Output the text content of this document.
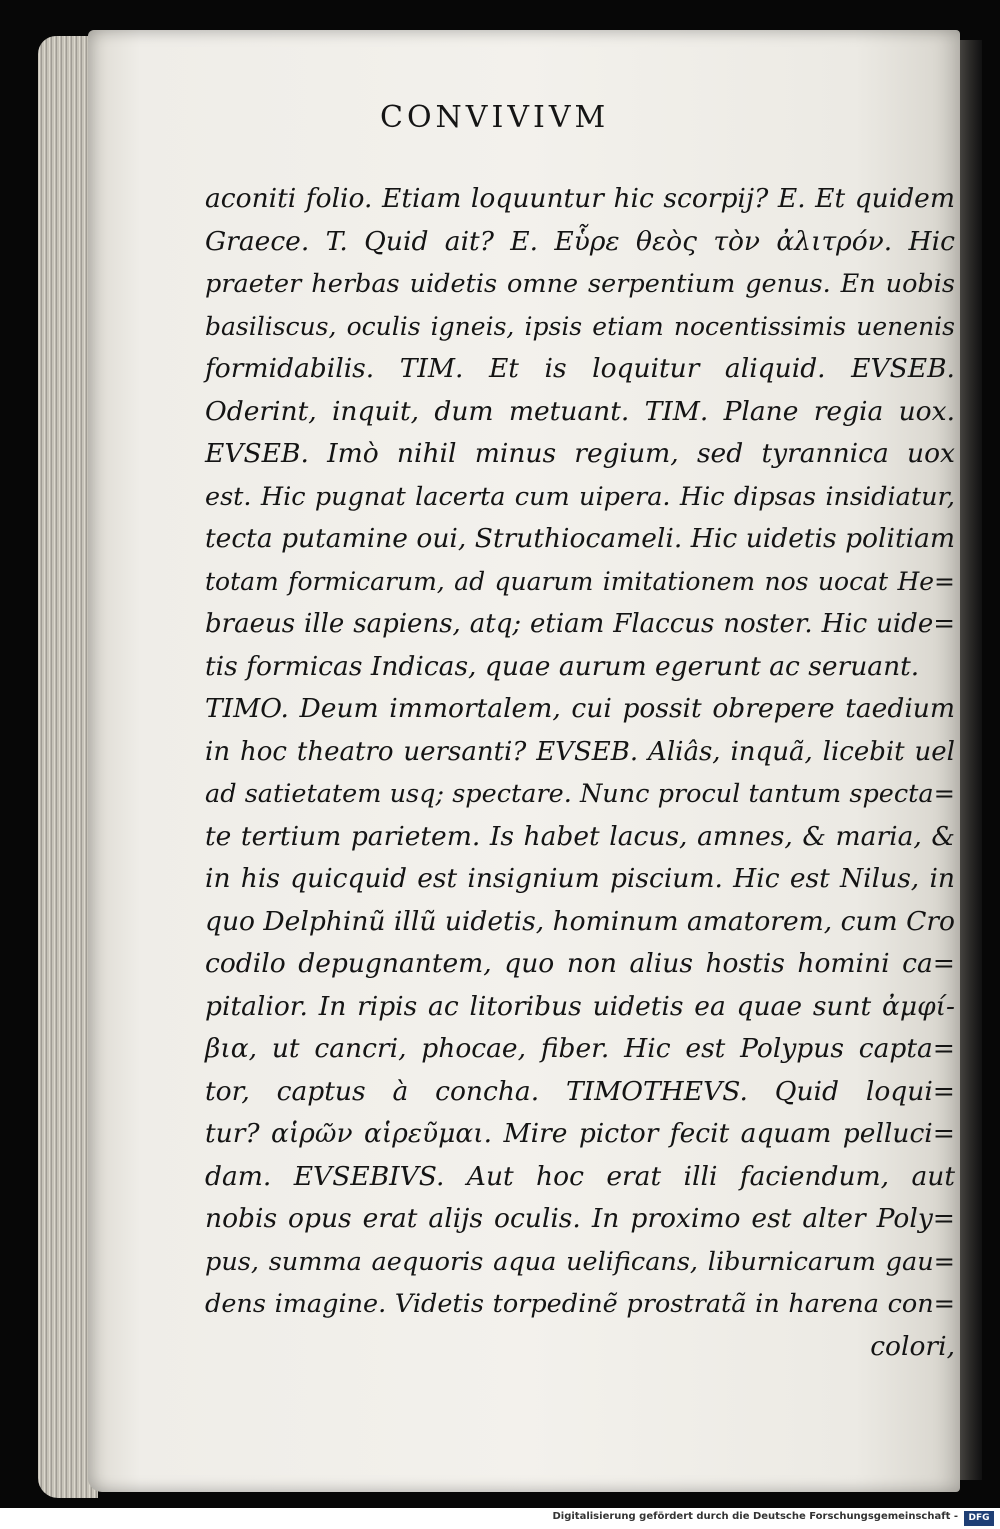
CONVIVIVM
aconiti folio. Etiam loquuntur hic scorpij? E. Et quidem
Graece. T. Quid ait? E. Εὗρε θεὸς τὸν ἀλιτρόν. Hic
praeter herbas uidetis omne serpentium genus. En uobis
basiliscus, oculis igneis, ipsis etiam nocentissimis uenenis
formidabilis. TIM. Et is loquitur aliquid. EVSEB.
Oderint, inquit, dum metuant. TIM. Plane regia uox.
EVSEB. Imò nihil minus regium, sed tyrannica uox
est. Hic pugnat lacerta cum uipera. Hic dipsas insidiatur,
tecta putamine oui, Struthiocameli. Hic uidetis politiam
totam formicarum, ad quarum imitationem nos uocat He=
braeus ille sapiens, atq; etiam Flaccus noster. Hic uide=
tis formicas Indicas, quae aurum egerunt ac seruant.
TIMO. Deum immortalem, cui possit obrepere taedium
in hoc theatro uersanti? EVSEB. Aliâs, inquã, licebit uel
ad satietatem usq; spectare. Nunc procul tantum specta=
te tertium parietem. Is habet lacus, amnes, & maria, &
in his quicquid est insignium piscium. Hic est Nilus, in
quo Delphinũ illũ uidetis, hominum amatorem, cum Cro
codilo depugnantem, quo non alius hostis homini ca=
pitalior. In ripis ac litoribus uidetis ea quae sunt ἀμφί-
βια, ut cancri, phocae, fiber. Hic est Polypus capta=
tor, captus à concha. TIMOTHEVS. Quid loqui=
tur? αἱρῶν αἱρεῦμαι. Mire pictor fecit aquam pelluci=
dam. EVSEBIVS. Aut hoc erat illi faciendum, aut
nobis opus erat alijs oculis. In proximo est alter Poly=
pus, summa aequoris aqua uelificans, liburnicarum gau=
dens imagine. Videtis torpedinẽ prostratã in harena con=
colori,
Digitalisierung gefördert durch die Deutsche Forschungsgemeinschaft -	DFG
